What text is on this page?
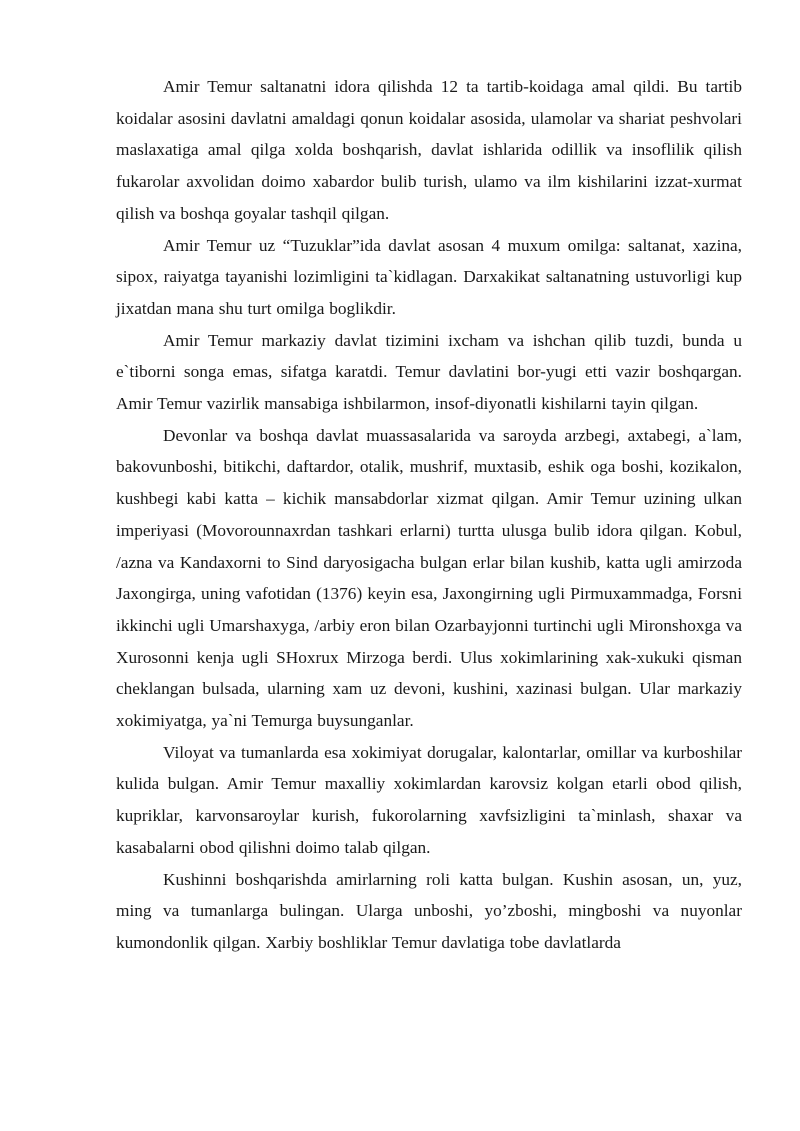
Amir Temur saltanatni idora qilishda 12 ta tartib-koidaga amal qildi. Bu tartib koidalar asosini davlatni amaldagi qonun koidalar asosida, ulamolar va shariat peshvolari maslaxatiga amal qilga xolda boshqarish, davlat ishlarida odillik va insoflilik qilish fukarolar axvolidan doimo xabardor bulib turish, ulamo va ilm kishilarini izzat-xurmat qilish va boshqa goyalar tashqil qilgan.

Amir Temur uz “Tuzuklar”ida davlat asosan 4 muxum omilga: saltanat, xazina, sipox, raiyatga tayanishi lozimligini ta`kidlagan. Darxakikat saltanatning ustuvorligi kup jixatdan mana shu turt omilga boglikdir.

Amir Temur markaziy davlat tizimini ixcham va ishchan qilib tuzdi, bunda u e`tiborni songa emas, sifatga karatdi. Temur davlatini bor-yugi etti vazir boshqargan. Amir Temur vazirlik mansabiga ishbilarmon, insof-diyonatli kishilarni tayin qilgan.

Devonlar va boshqa davlat muassasalarida va saroyda arzbegi, axtabegi, a`lam, bakovunboshi, bitikchi, daftardor, otalik, mushrif, muxtasib, eshik oga boshi, kozikalon, kushbegi kabi katta – kichik mansabdorlar xizmat qilgan. Amir Temur uzining ulkan imperiyasi (Movorounnaxrdan tashkari erlarni) turtta ulusga bulib idora qilgan. Kobul, /azna va Kandaxorni to Sind daryosigacha bulgan erlar bilan kushib, katta ugli amirzoda Jaxongirga, uning vafotidan (1376) keyin esa, Jaxongirning ugli Pirmuxammadga, Forsni ikkinchi ugli Umarshaxyga, /arbiy eron bilan Ozarbayjonni turtinchi ugli Mironshoxga va Xurosonni kenja ugli SHoxrux Mirzoga berdi. Ulus xokimlarining xak-xukuki qisman cheklangan bulsada, ularning xam uz devoni, kushini, xazinasi bulgan. Ular markaziy xokimiyatga, ya`ni Temurga buysunganlar.

Viloyat va tumanlarda esa xokimiyat dorugalar, kalontarlar, omillar va kurboshilar kulida bulgan. Amir Temur maxalliy xokimlardan karovsiz kolgan etarli obod qilish, kupriklar, karvonsaroylar kurish, fukorolarning xavfsizligini ta`minlash, shaxar va kasabalarni obod qilishni doimo talab qilgan.

Kushinni boshqarishda amirlarning roli katta bulgan. Kushin asosan, un, yuz, ming va tumanlarga bulingan. Ularga unboshi, yo’zboshi, mingboshi va nuyonlar kumondonlik qilgan. Xarbiy boshliklar Temur davlatiga tobe davlatlarda
